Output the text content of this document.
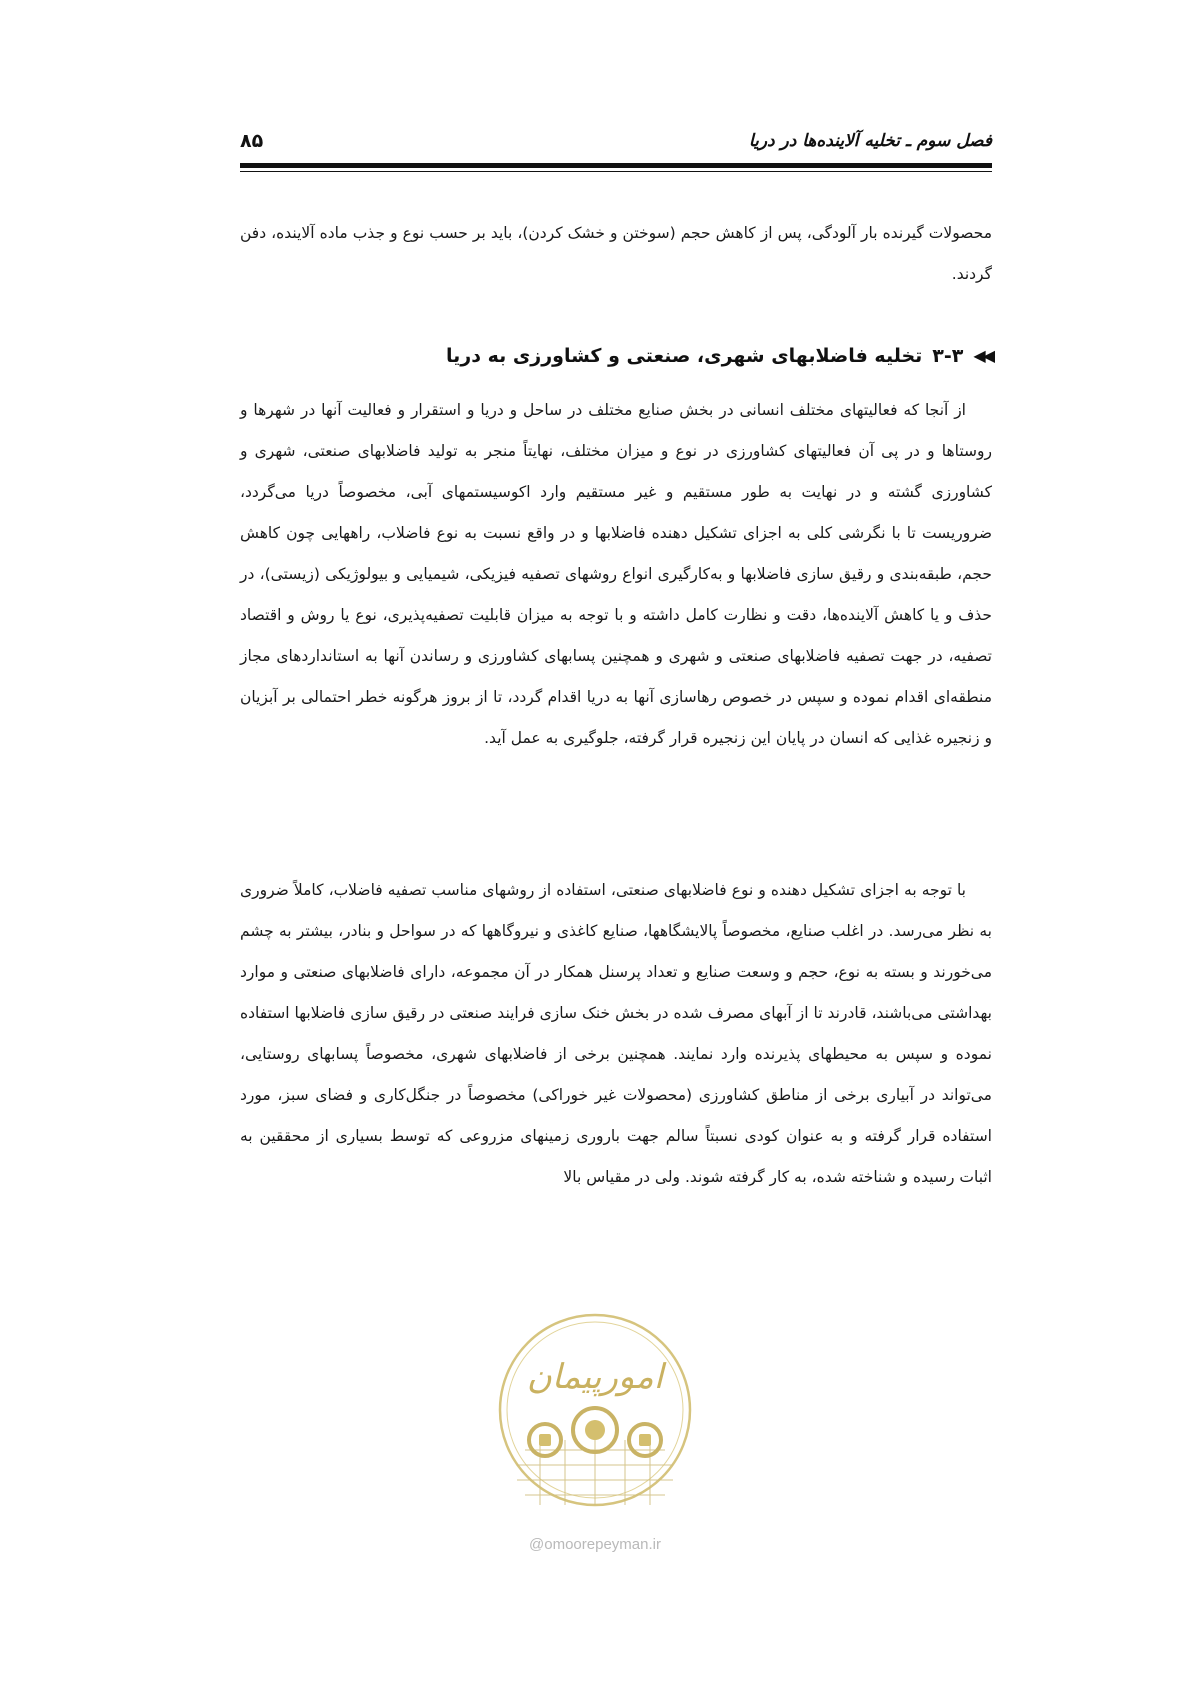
فصل سوم ـ تخلیه آلاینده‌ها در دریا
۸۵

محصولات گیرنده بار آلودگی، پس از کاهش حجم (سوختن و خشک کردن)، باید بر حسب نوع و جذب ماده آلاینده، دفن گردند.

◀◀
۳-۳
تخلیه فاضلابهای شهری، صنعتی و کشاورزی به دریا

از آنجا که فعالیتهای مختلف انسانی در بخش صنایع مختلف در ساحل و دریا و استقرار و فعالیت آنها در شهرها و روستاها و در پی آن فعالیتهای کشاورزی در نوع و میزان مختلف، نهایتاً منجر به تولید فاضلابهای صنعتی، شهری و کشاورزی گشته و در نهایت به طور مستقیم و غیر مستقیم وارد اکوسیستمهای آبی، مخصوصاً دریا می‌گردد، ضروریست تا با نگرشی کلی به اجزای تشکیل دهنده فاضلابها و در واقع نسبت به نوع فاضلاب، راههایی چون کاهش حجم، طبقه‌بندی و رقیق سازی فاضلابها و به‌کارگیری انواع روشهای تصفیه فیزیکی، شیمیایی و بیولوژیکی (زیستی)، در حذف و یا کاهش آلاینده‌ها، دقت و نظارت کامل داشته و با توجه به میزان قابلیت تصفیه‌پذیری، نوع یا روش و اقتصاد تصفیه، در جهت تصفیه فاضلابهای صنعتی و شهری و همچنین پسابهای کشاورزی و رساندن آنها به استانداردهای مجاز منطقه‌ای اقدام نموده و سپس در خصوص رهاسازی آنها به دریا اقدام گردد، تا از بروز هرگونه خطر احتمالی بر آبزیان و زنجیره غذایی که انسان در پایان این زنجیره قرار گرفته، جلوگیری به عمل آید.

با توجه به اجزای تشکیل دهنده و نوع فاضلابهای صنعتی، استفاده از روشهای مناسب تصفیه فاضلاب، کاملاً ضروری به نظر می‌رسد. در اغلب صنایع، مخصوصاً پالایشگاهها، صنایع کاغذی و نیروگاهها که در سواحل و بنادر، بیشتر به چشم می‌خورند و بسته به نوع، حجم و وسعت صنایع و تعداد پرسنل همکار در آن مجموعه، دارای فاضلابهای صنعتی و موارد بهداشتی می‌باشند، قادرند تا از آبهای مصرف شده در بخش خنک سازی فرایند صنعتی در رقیق سازی فاضلابها استفاده نموده و سپس به محیطهای پذیرنده وارد نمایند. همچنین برخی از فاضلابهای شهری، مخصوصاً پسابهای روستایی، می‌تواند در آبیاری برخی از مناطق کشاورزی (محصولات غیر خوراکی) مخصوصاً در جنگل‌کاری و فضای سبز، مورد استفاده قرار گرفته و به عنوان کودی نسبتاً سالم جهت باروری زمینهای مزروعی که توسط بسیاری از محققین به اثبات رسیده و شناخته شده، به کار گرفته شوند. ولی در مقیاس بالا

امورپیمان
@omoorepeyman.ir
